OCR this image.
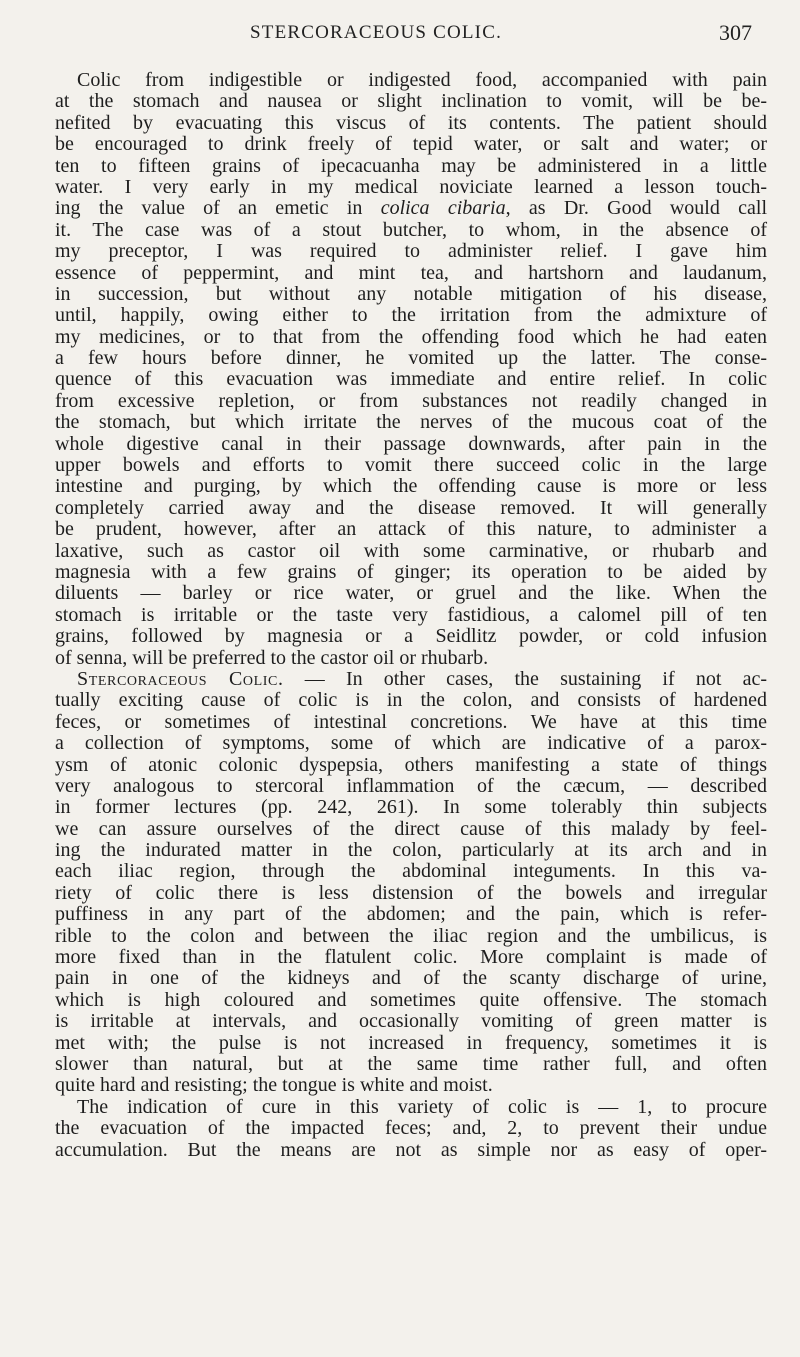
STERCORACEOUS COLIC.	307
Colic from indigestible or indigested food, accompanied with pain
at the stomach and nausea or slight inclination to vomit, will be be-
nefited by evacuating this viscus of its contents. The patient should
be encouraged to drink freely of tepid water, or salt and water; or
ten to fifteen grains of ipecacuanha may be administered in a little
water. I very early in my medical noviciate learned a lesson touch-
ing the value of an emetic in colica cibaria, as Dr. Good would call
it. The case was of a stout butcher, to whom, in the absence of
my preceptor, I was required to administer relief. I gave him
essence of peppermint, and mint tea, and hartshorn and laudanum,
in succession, but without any notable mitigation of his disease,
until, happily, owing either to the irritation from the admixture of
my medicines, or to that from the offending food which he had eaten
a few hours before dinner, he vomited up the latter. The conse-
quence of this evacuation was immediate and entire relief. In colic
from excessive repletion, or from substances not readily changed in
the stomach, but which irritate the nerves of the mucous coat of the
whole digestive canal in their passage downwards, after pain in the
upper bowels and efforts to vomit there succeed colic in the large
intestine and purging, by which the offending cause is more or less
completely carried away and the disease removed. It will generally
be prudent, however, after an attack of this nature, to administer a
laxative, such as castor oil with some carminative, or rhubarb and
magnesia with a few grains of ginger; its operation to be aided by
diluents — barley or rice water, or gruel and the like. When the
stomach is irritable or the taste very fastidious, a calomel pill of ten
grains, followed by magnesia or a Seidlitz powder, or cold infusion
of senna, will be preferred to the castor oil or rhubarb.
Stercoraceous Colic. — In other cases, the sustaining if not ac-
tually exciting cause of colic is in the colon, and consists of hardened
feces, or sometimes of intestinal concretions. We have at this time
a collection of symptoms, some of which are indicative of a parox-
ysm of atonic colonic dyspepsia, others manifesting a state of things
very analogous to stercoral inflammation of the cæcum, — described
in former lectures (pp. 242, 261). In some tolerably thin subjects
we can assure ourselves of the direct cause of this malady by feel-
ing the indurated matter in the colon, particularly at its arch and in
each iliac region, through the abdominal integuments. In this va-
riety of colic there is less distension of the bowels and irregular
puffiness in any part of the abdomen; and the pain, which is refer-
rible to the colon and between the iliac region and the umbilicus, is
more fixed than in the flatulent colic. More complaint is made of
pain in one of the kidneys and of the scanty discharge of urine,
which is high coloured and sometimes quite offensive. The stomach
is irritable at intervals, and occasionally vomiting of green matter is
met with; the pulse is not increased in frequency, sometimes it is
slower than natural, but at the same time rather full, and often
quite hard and resisting; the tongue is white and moist.
The indication of cure in this variety of colic is — 1, to procure
the evacuation of the impacted feces; and, 2, to prevent their undue
accumulation. But the means are not as simple nor as easy of oper-
